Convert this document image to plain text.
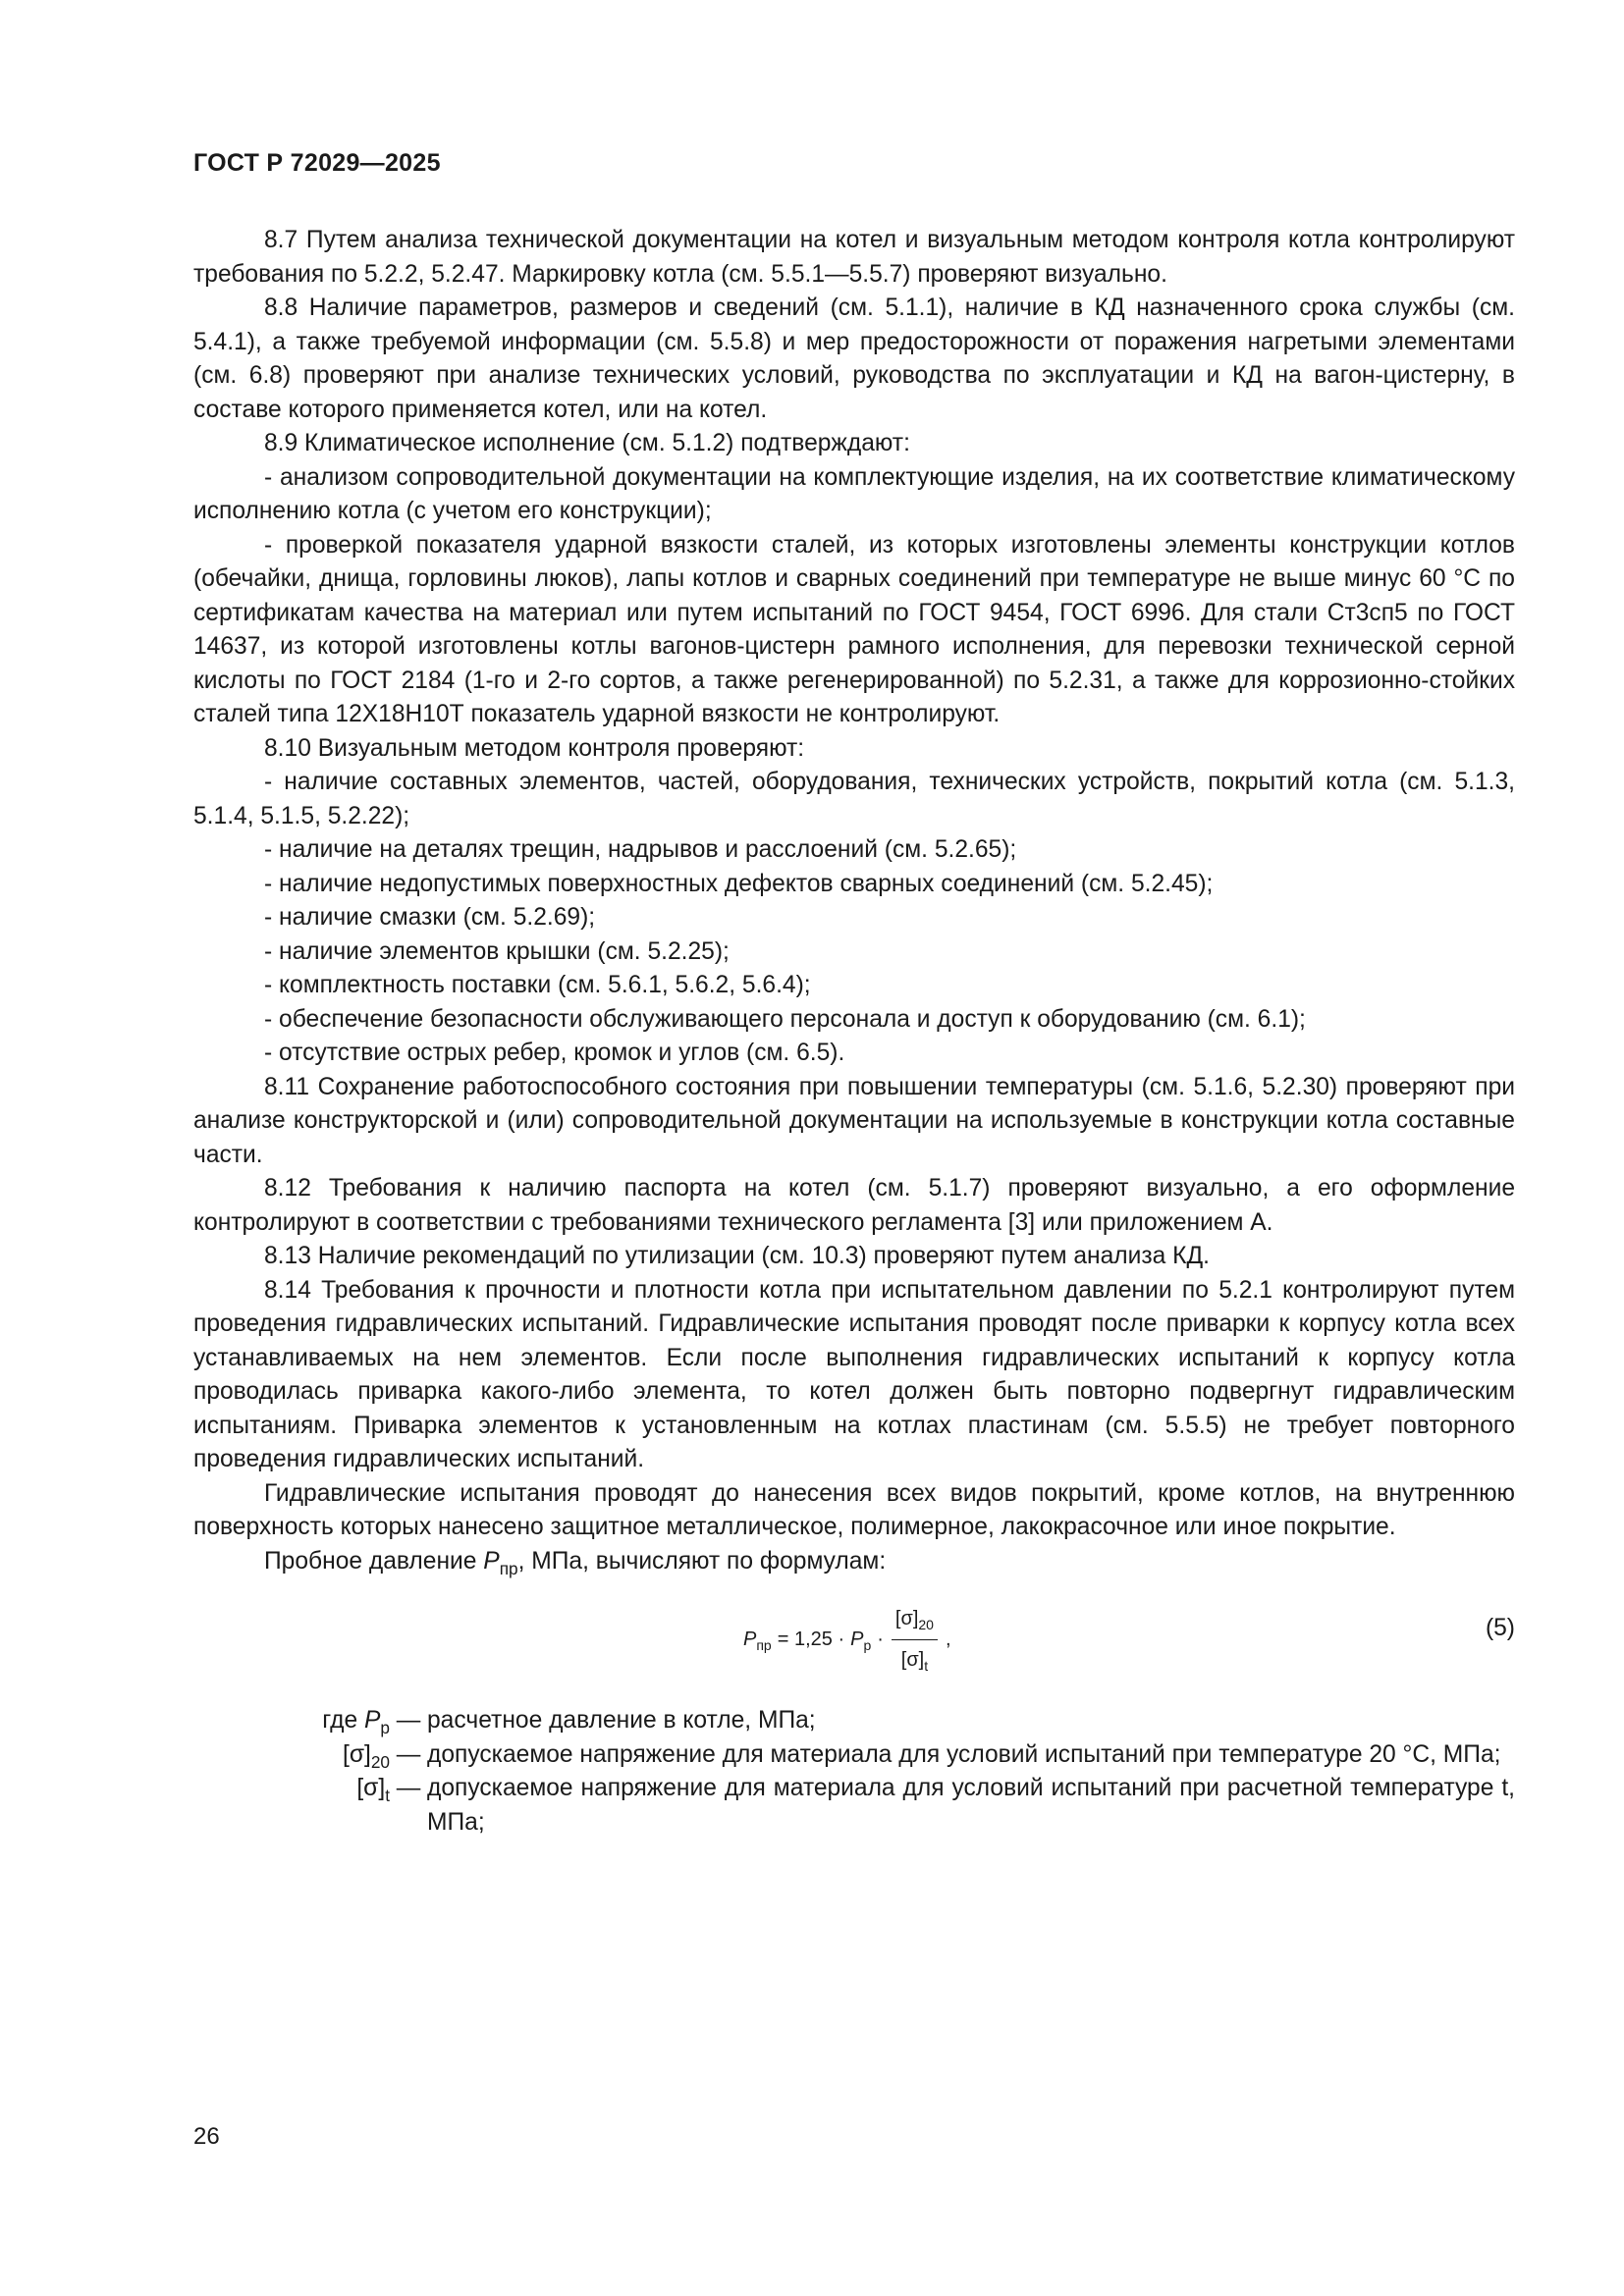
ГОСТ Р 72029—2025

8.7 Путем анализа технической документации на котел и визуальным методом контроля котла контролируют требования по 5.2.2, 5.2.47. Маркировку котла (см. 5.5.1—5.5.7) проверяют визуально.

8.8 Наличие параметров, размеров и сведений (см. 5.1.1), наличие в КД назначенного срока службы (см. 5.4.1), а также требуемой информации (см. 5.5.8) и мер предосторожности от поражения нагретыми элементами (см. 6.8) проверяют при анализе технических условий, руководства по эксплуатации и КД на вагон-цистерну, в составе которого применяется котел, или на котел.

8.9 Климатическое исполнение (см. 5.1.2) подтверждают:

- анализом сопроводительной документации на комплектующие изделия, на их соответствие климатическому исполнению котла (с учетом его конструкции);

- проверкой показателя ударной вязкости сталей, из которых изготовлены элементы конструкции котлов (обечайки, днища, горловины люков), лапы котлов и сварных соединений при температуре не выше минус 60 °С по сертификатам качества на материал или путем испытаний по ГОСТ 9454, ГОСТ 6996. Для стали Ст3сп5 по ГОСТ 14637, из которой изготовлены котлы вагонов-цистерн рамного исполнения, для перевозки технической серной кислоты по ГОСТ 2184 (1-го и 2-го сортов, а также регенерированной) по 5.2.31, а также для коррозионно-стойких сталей типа 12Х18Н10Т показатель ударной вязкости не контролируют.

8.10 Визуальным методом контроля проверяют:

- наличие составных элементов, частей, оборудования, технических устройств, покрытий котла (см. 5.1.3, 5.1.4, 5.1.5, 5.2.22);

- наличие на деталях трещин, надрывов и расслоений (см. 5.2.65);

- наличие недопустимых поверхностных дефектов сварных соединений (см. 5.2.45);

- наличие смазки (см. 5.2.69);

- наличие элементов крышки (см. 5.2.25);

- комплектность поставки (см. 5.6.1, 5.6.2, 5.6.4);

- обеспечение безопасности обслуживающего персонала и доступ к оборудованию (см. 6.1);

- отсутствие острых ребер, кромок и углов (см. 6.5).

8.11 Сохранение работоспособного состояния при повышении температуры (см. 5.1.6, 5.2.30) проверяют при анализе конструкторской и (или) сопроводительной документации на используемые в конструкции котла составные части.

8.12 Требования к наличию паспорта на котел (см. 5.1.7) проверяют визуально, а его оформление контролируют в соответствии с требованиями технического регламента [3] или приложением А.

8.13 Наличие рекомендаций по утилизации (см. 10.3) проверяют путем анализа КД.

8.14 Требования к прочности и плотности котла при испытательном давлении по 5.2.1 контролируют путем проведения гидравлических испытаний. Гидравлические испытания проводят после приварки к корпусу котла всех устанавливаемых на нем элементов. Если после выполнения гидравлических испытаний к корпусу котла проводилась приварка какого-либо элемента, то котел должен быть повторно подвергнут гидравлическим испытаниям. Приварка элементов к установленным на котлах пластинам (см. 5.5.5) не требует повторного проведения гидравлических испытаний.

Гидравлические испытания проводят до нанесения всех видов покрытий, кроме котлов, на внутреннюю поверхность которых нанесено защитное металлическое, полимерное, лакокрасочное или иное покрытие.

Пробное давление $P_{пр}$, МПа, вычисляют по формулам:

$P_{пр} = 1,25 \cdot P_р \cdot \frac{[\sigma]_{20}}{[\sigma]_t}$ ,	(5)
где $P_р$ — расчетное давление в котле, МПа;
$[\sigma]_{20}$ — допускаемое напряжение для материала для условий испытаний при температуре 20 °С, МПа;
$[\sigma]_t$ — допускаемое напряжение для материала для условий испытаний при расчетной температуре t, МПа;
26
